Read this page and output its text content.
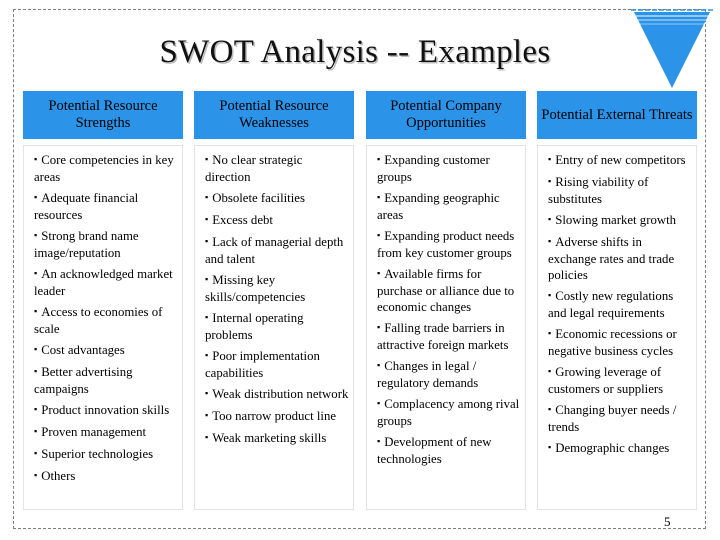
SWOT Analysis -- Examples
Potential Resource Strengths
▪ Core competencies in key areas
▪ Adequate financial resources
▪ Strong brand name image/reputation
▪ An acknowledged market leader
▪ Access to economies of scale
▪ Cost advantages
▪ Better advertising campaigns
▪ Product innovation skills
▪ Proven management
▪ Superior technologies
▪ Others
Potential Resource Weaknesses
▪ No clear strategic direction
▪ Obsolete facilities
▪ Excess debt
▪ Lack of managerial depth and talent
▪ Missing key skills/competencies
▪ Internal operating problems
▪ Poor implementation capabilities
▪ Weak distribution network
▪ Too narrow product line
▪ Weak marketing skills
Potential Company Opportunities
▪ Expanding customer groups
▪ Expanding geographic areas
▪ Expanding product needs from key customer groups
▪ Available firms for purchase or alliance due to economic changes
▪ Falling trade barriers in attractive foreign markets
▪ Changes in legal / regulatory demands
▪ Complacency among rival groups
▪ Development of new technologies
Potential External Threats
▪ Entry of new competitors
▪ Rising viability of substitutes
▪ Slowing market growth
▪ Adverse shifts in exchange rates and trade policies
▪ Costly new regulations and legal requirements
▪ Economic recessions or negative business cycles
▪ Growing leverage of customers or suppliers
▪ Changing buyer needs / trends
▪ Demographic changes
5
